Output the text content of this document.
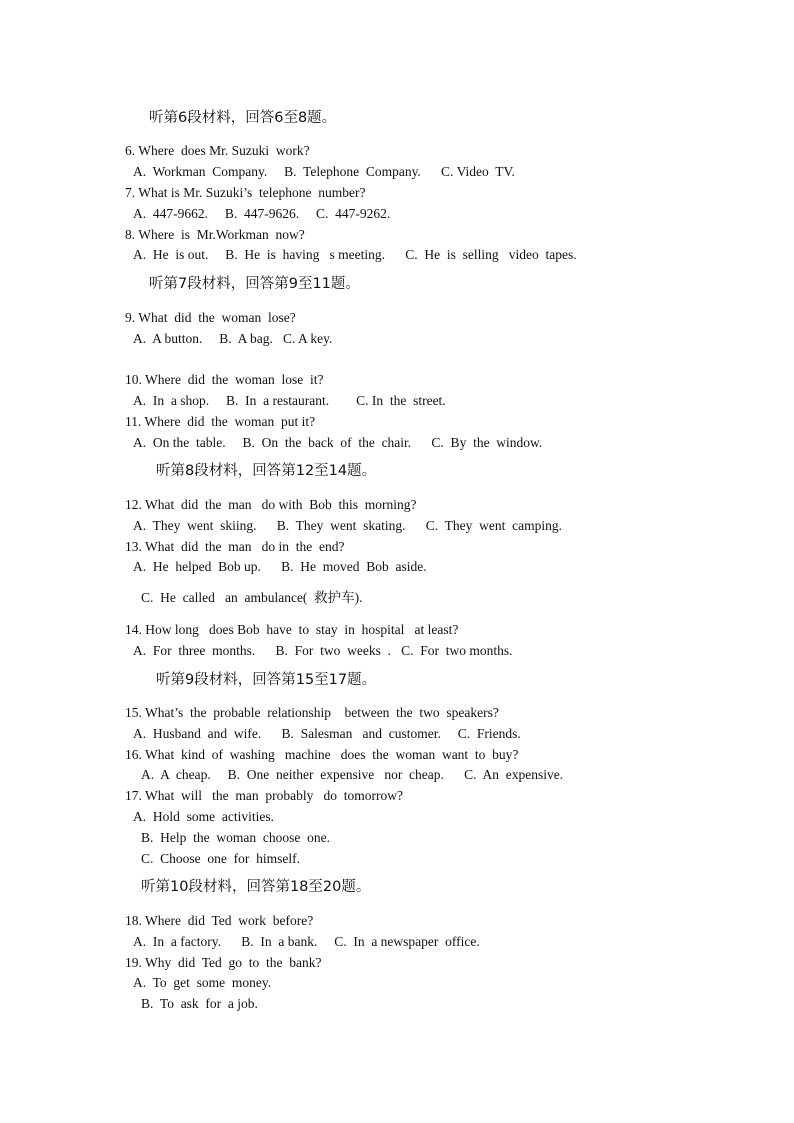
听第6段材料，回答6至8题。
6. Where  does Mr. Suzuki  work?
A.  Workman  Company.     B.  Telephone  Company.      C. Video  TV.
7. What is Mr. Suzuki’s  telephone  number?
A.  447-9662.     B.  447-9626.     C.  447-9262.
8. Where  is  Mr.Workman  now?
A.  He  is out.     B.  He  is  having   s meeting.      C.  He  is  selling   video  tapes.
听第7段材料，回答第9至11题。
9. What  did  the  woman  lose?
A.  A button.     B.  A bag.   C. A key.
10. Where  did  the  woman  lose  it?
A.  In  a shop.     B.  In  a restaurant.        C. In  the  street.
11. Where  did  the  woman  put it?
A.  On the  table.     B.  On  the  back  of  the  chair.      C.  By  the  window.
听第8段材料，回答第12至14题。
12. What  did  the  man   do with  Bob  this  morning?
A.  They  went  skiing.      B.  They  went  skating.      C.  They  went  camping.
13. What  did  the  man   do in  the  end?
A.  He  helped  Bob up.      B.  He  moved  Bob  aside.
C.  He  called   an  ambulance(  救护车).
14. How long   does Bob  have  to  stay  in  hospital   at least?
A.  For  three  months.      B.  For  two  weeks  .   C.  For  two months.
听第9段材料，回答第15至17题。
15. What’s  the  probable  relationship    between  the  two  speakers?
A.  Husband  and  wife.      B.  Salesman   and  customer.     C.  Friends.
16. What  kind  of  washing   machine   does  the  woman  want  to  buy?
A.  A  cheap.     B.  One  neither  expensive   nor  cheap.      C.  An  expensive.
17. What  will   the  man  probably   do  tomorrow?
A.  Hold  some  activities.
B.  Help  the  woman  choose  one.
C.  Choose  one  for  himself.
听第10段材料，回答第18至20题。
18. Where  did  Ted  work  before?
A.  In  a factory.      B.  In  a bank.     C.  In  a newspaper  office.
19. Why  did  Ted  go  to  the  bank?
A.  To  get  some  money.
B.  To  ask  for  a job.
